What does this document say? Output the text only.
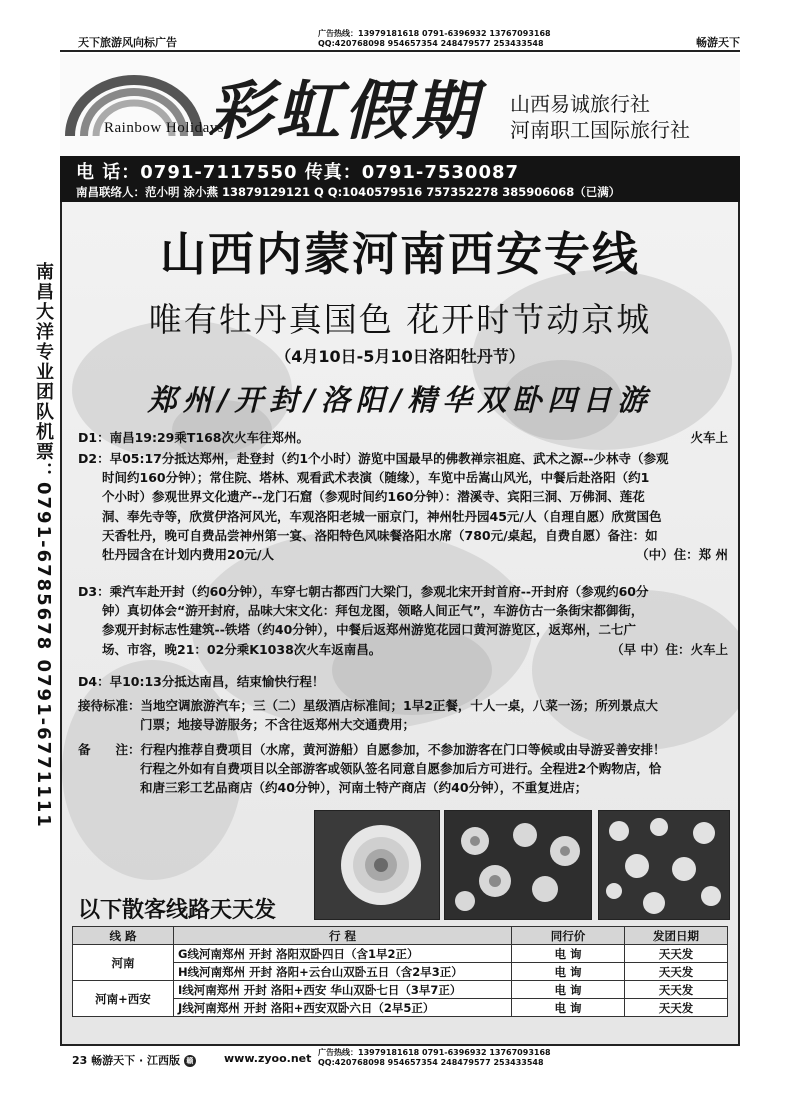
天下旅游风向标广告
广告热线：13979181618 0791-6396932 13767093168
QQ:420768098 954657354 248479577 253433548	畅游天下
Rainbow Holidays
彩虹假期 山西易诚旅行社
河南职工国际旅行社
电 话：0791-7117550 传真：0791-7530087
南昌联络人：范小明 涂小燕 13879129121 Q Q:1040579516 757352278 385906068（已满）
山西内蒙河南西安专线
唯有牡丹真国色 花开时节动京城
（4月10日-5月10日洛阳牡丹节）
郑州/开封/洛阳/精华双卧四日游
南昌大洋专业团队机票：0791-6785678 0791-6771111 D1：南昌19:29乘T168次火车往郑州。	火车上
D2：早05:17分抵达郑州，赴登封（约1个小时）游览中国最早的佛教禅宗祖庭、武术之源--少林寺（参观
时间约160分钟）；常住院、塔林、观看武术表演（随缘），车览中岳嵩山风光，中餐后赴洛阳（约1
个小时）参观世界文化遗产--龙门石窟（参观时间约160分钟）：潜溪寺、宾阳三洞、万佛洞、莲花
洞、奉先寺等，欣赏伊洛河风光，车观洛阳老城一丽京门，神州牡丹园45元/人（自理自愿）欣赏国色
天香牡丹，晚可自费品尝神州第一宴、洛阳特色风味餐洛阳水席（780元/桌起，自费自愿）备注：如
牡丹园含在计划内费用20元/人	（中）住：郑 州
D3：乘汽车赴开封（约60分钟），车穿七朝古都西门大梁门，参观北宋开封首府--开封府（参观约60分
钟）真切体会“游开封府，品味大宋文化：拜包龙图，领略人间正气”，车游仿古一条街宋都御街，
参观开封标志性建筑--铁塔（约40分钟），中餐后返郑州游览花园口黄河游览区，返郑州，二七广
场、市容，晚21：02分乘K1038次火车返南昌。	（早 中）住：火车上
D4：早10:13分抵达南昌，结束愉快行程！
接待标准：当地空调旅游汽车；三（二）星级酒店标准间；1早2正餐，十人一桌，八菜一汤；所列景点大
门票；地接导游服务；不含往返郑州大交通费用；
备　　注：行程内推荐自费项目（水席，黄河游船）自愿参加，不参加游客在门口等候或由导游妥善安排！
行程之外如有自费项目以全部游客或领队签名同意自愿参加后方可进行。全程进2个购物店，恰
和唐三彩工艺品商店（约40分钟），河南土特产商店（约40分钟），不重复进店；
以下散客线路天天发
线 路	行 程	同行价	发团日期
河南	G线河南郑州 开封 洛阳双卧四日（含1早2正）	电 询	天天发
	H线河南郑州 开封 洛阳+云台山双卧五日（含2早3正）	电 询	天天发
河南+西安	I线河南郑州 开封 洛阳+西安 华山双卧七日（3早7正）	电 询	天天发
	J线河南郑州 开封 洛阳+西安双卧六日（2早5正）	电 询	天天发
23 畅游天下 · 江西版 赣	www.zyoo.net 广告热线：13979181618 0791-6396932 13767093168
QQ:420768098 954657354 248479577 253433548
